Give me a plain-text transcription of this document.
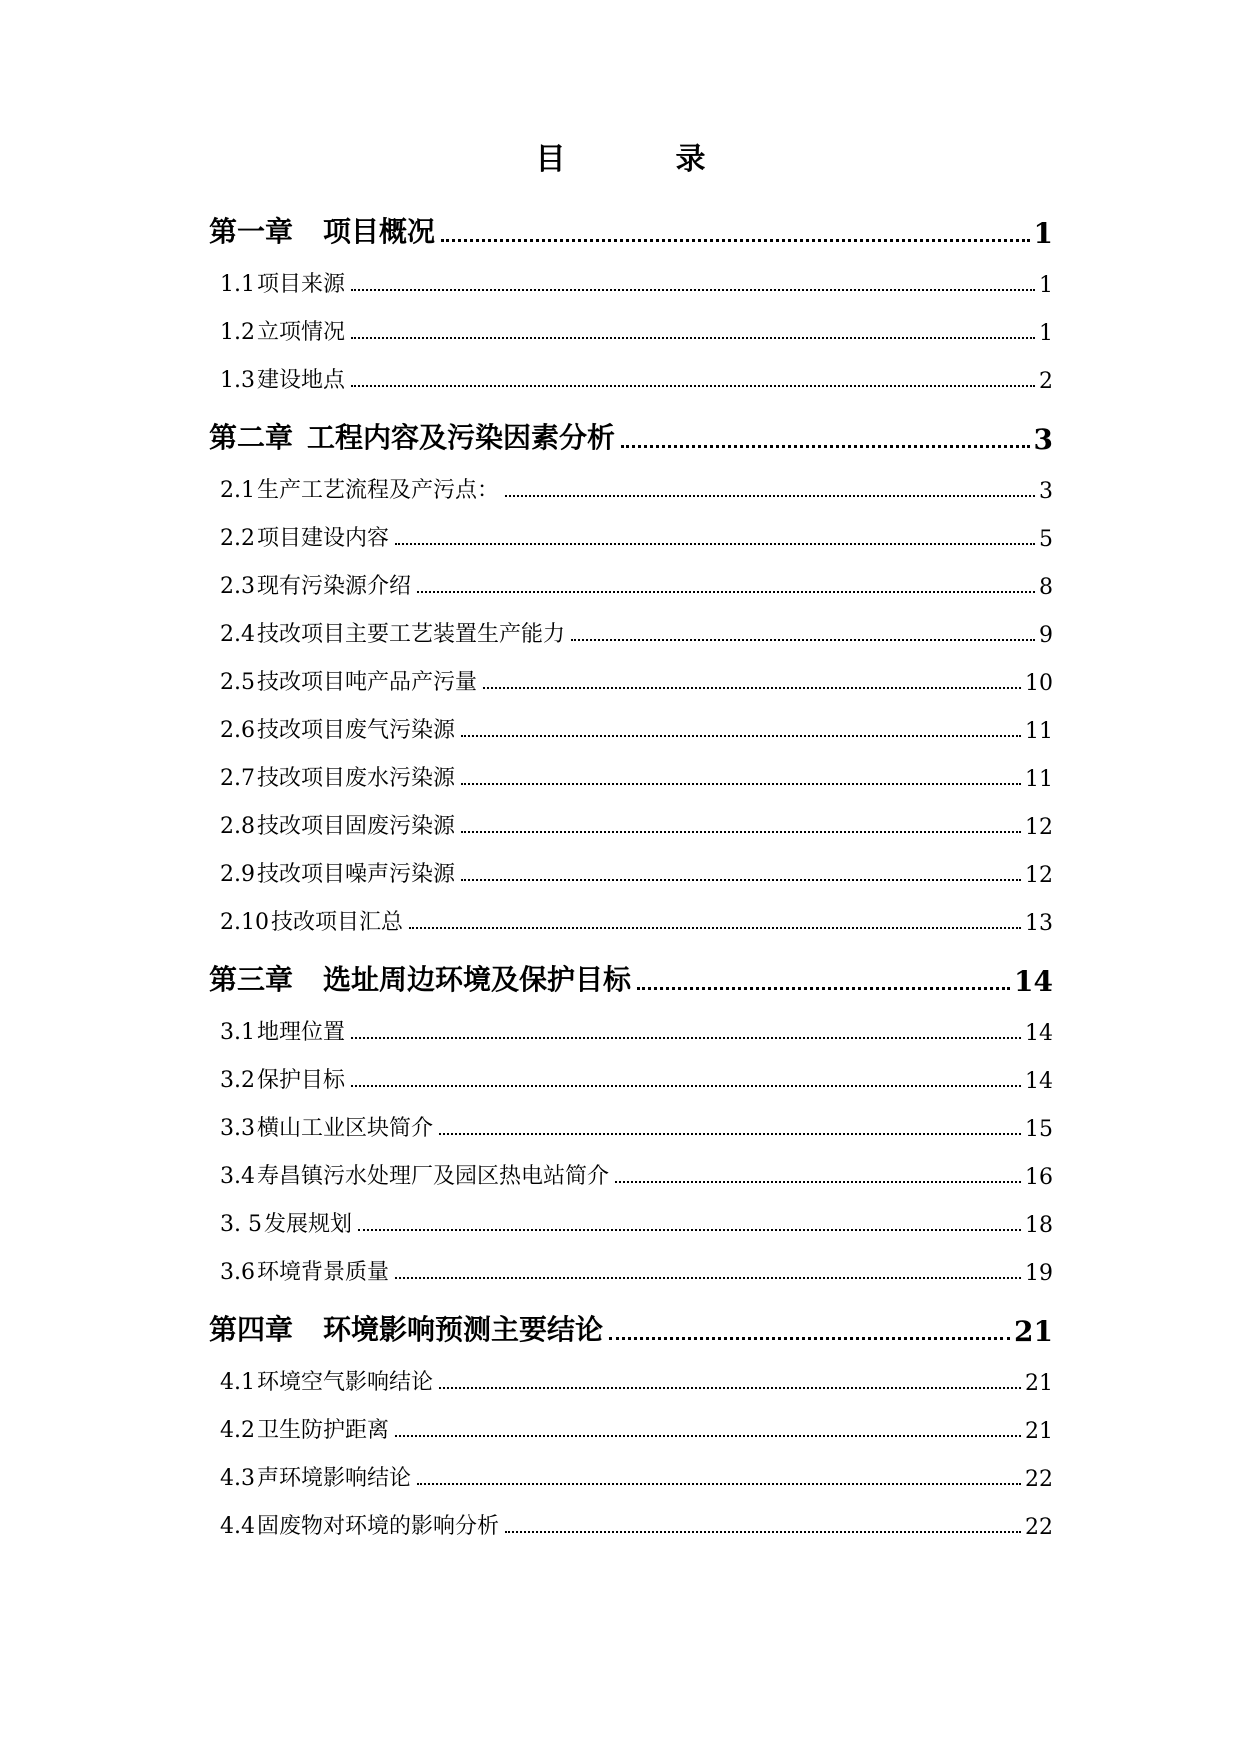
目　录
第一章 项目概况	1
1.1项目来源	1
1.2立项情况	1
1.3建设地点	2
第二章 工程内容及污染因素分析	3
2.1生产工艺流程及产污点：	3
2.2项目建设内容	5
2.3现有污染源介绍	8
2.4技改项目主要工艺装置生产能力	9
2.5技改项目吨产品产污量	10
2.6技改项目废气污染源	11
2.7技改项目废水污染源	11
2.8技改项目固废污染源	12
2.9技改项目噪声污染源	12
2.10技改项目汇总	13
第三章 选址周边环境及保护目标	14
3.1地理位置	14
3.2保护目标	14
3.3横山工业区块简介	15
3.4寿昌镇污水处理厂及园区热电站简介	16
3. 5发展规划	18
3.6环境背景质量	19
第四章 环境影响预测主要结论	21
4.1环境空气影响结论	21
4.2卫生防护距离	21
4.3声环境影响结论	22
4.4固废物对环境的影响分析	22
